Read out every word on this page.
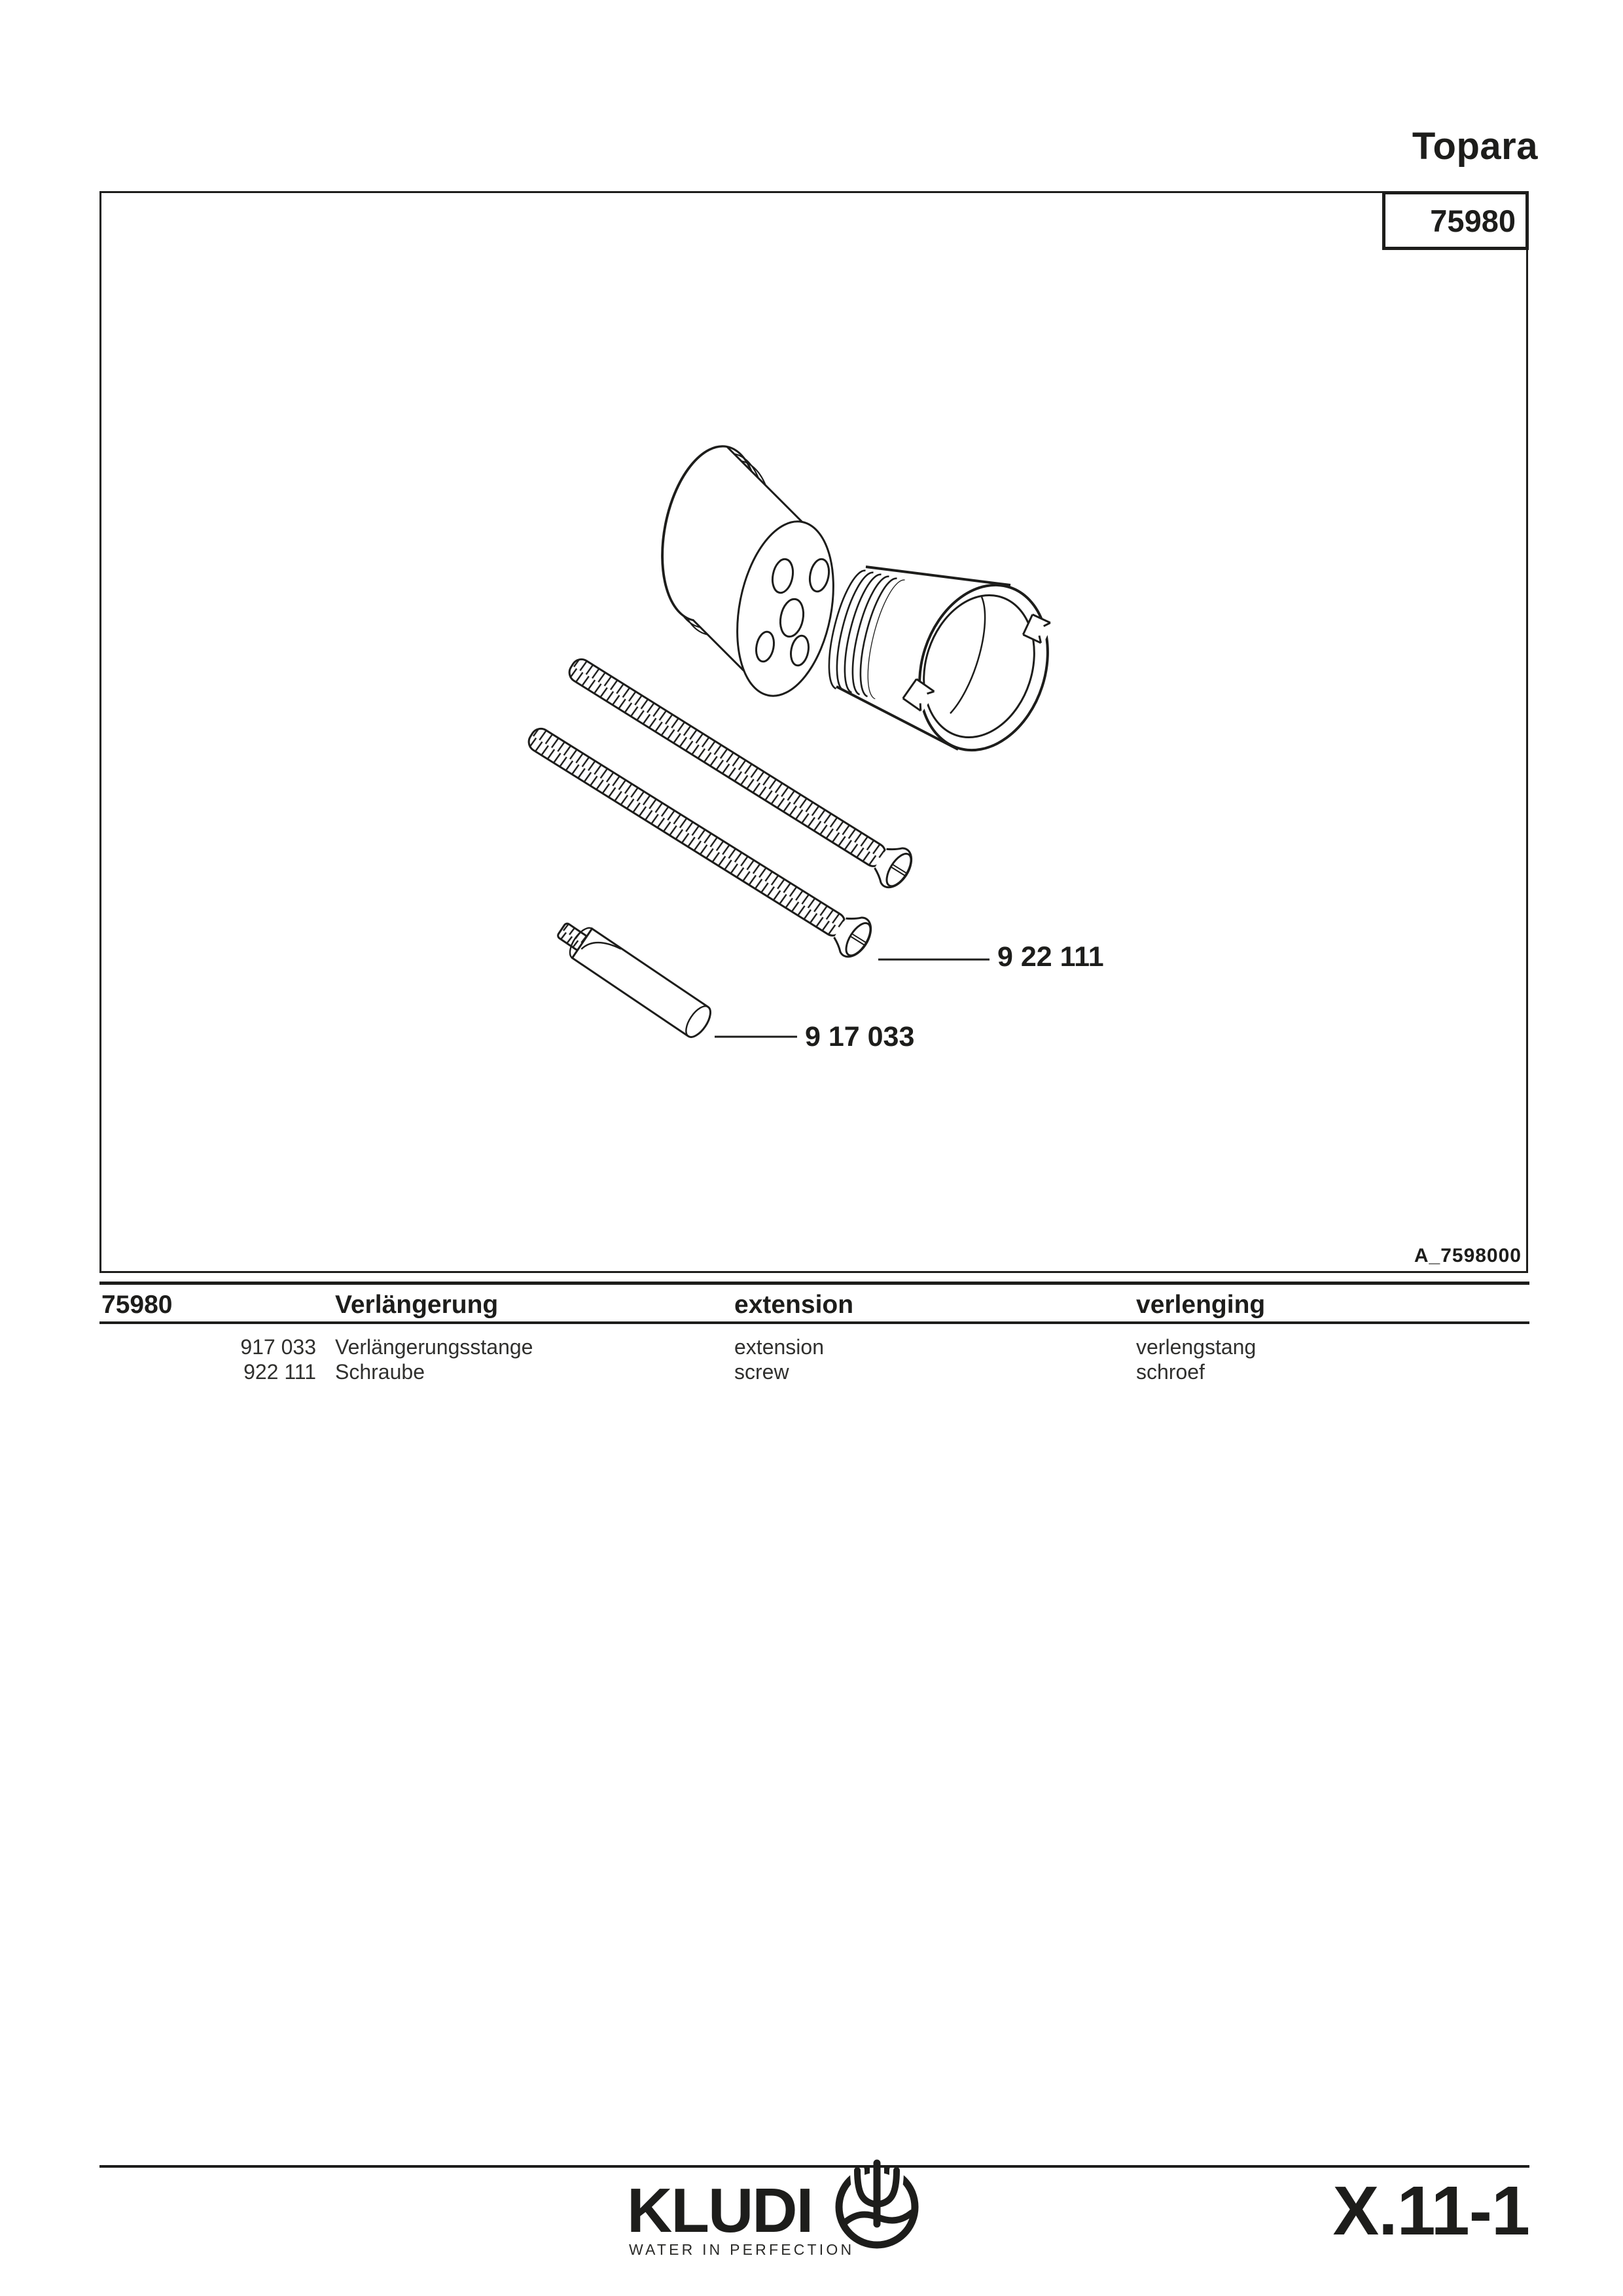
Topara
75980
9 22 111
9 17 033
A_7598000
75980	Verlängerung	extension	verlenging
917 033 Verlängerungsstange	extension	verlengstang
922 111 Schraube	screw	schroef
KLUDI
WATER IN PERFECTION	X.11-1
